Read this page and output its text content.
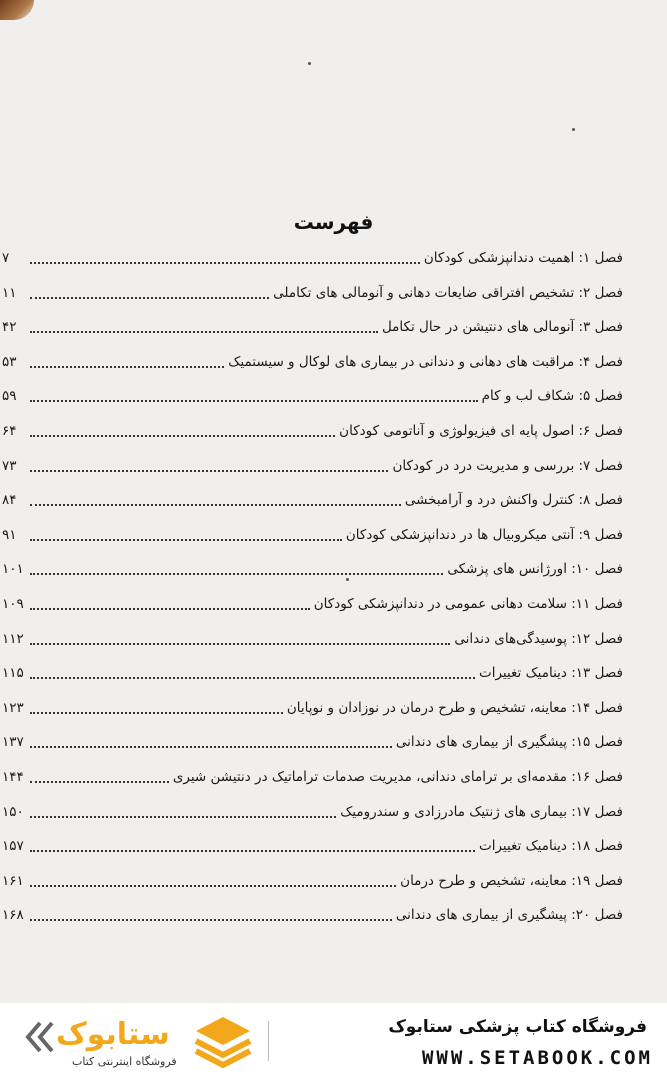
فهرست
۷	فصل ۱: اهمیت دندانپزشکی کودکان
۱۱	فصل ۲: تشخیص افتراقی ضایعات دهانی و آنومالی های تکاملی
۴۲	فصل ۳: آنومالی های دنتیشن در حال تکامل
۵۳	فصل ۴: مراقبت های دهانی و دندانی در بیماری های لوکال و سیستمیک
۵۹	فصل ۵: شکاف لب و کام
۶۴	فصل ۶: اصول پایه ای فیزیولوژی و آناتومی کودکان
۷۳	فصل ۷: بررسی و مدیریت درد در کودکان
۸۴	فصل ۸: کنترل واکنش درد و آرامبخشی
۹۱	فصل ۹: آنتی میکروبیال ها در دندانپزشکی کودکان
۱۰۱	فصل ۱۰: اورژانس های پزشکی
۱۰۹	فصل ۱۱: سلامت دهانی عمومی در دندانپزشکی کودکان
۱۱۲	فصل ۱۲: پوسیدگی‌های دندانی
۱۱۵	فصل ۱۳: دینامیک تغییرات
۱۲۳	فصل ۱۴: معاینه، تشخیص و طرح درمان در نوزادان و نوپایان
۱۳۷	فصل ۱۵: پیشگیری از بیماری های دندانی
۱۴۴	فصل ۱۶: مقدمه‌ای بر ترامای دندانی، مدیریت صدمات تراماتیک در دنتیشن شیری
۱۵۰	فصل ۱۷: بیماری های ژنتیک مادرزادی و سندرومیک
۱۵۷	فصل ۱۸: دینامیک تغییرات
۱۶۱	فصل ۱۹: معاینه، تشخیص و طرح درمان
۱۶۸	فصل ۲۰: پیشگیری از بیماری های دندانی
ستابوک
فروشگاه اینترنتی کتاب
فروشگاه کتاب پزشکی ستابوک
WWW.SETABOOK.COM
